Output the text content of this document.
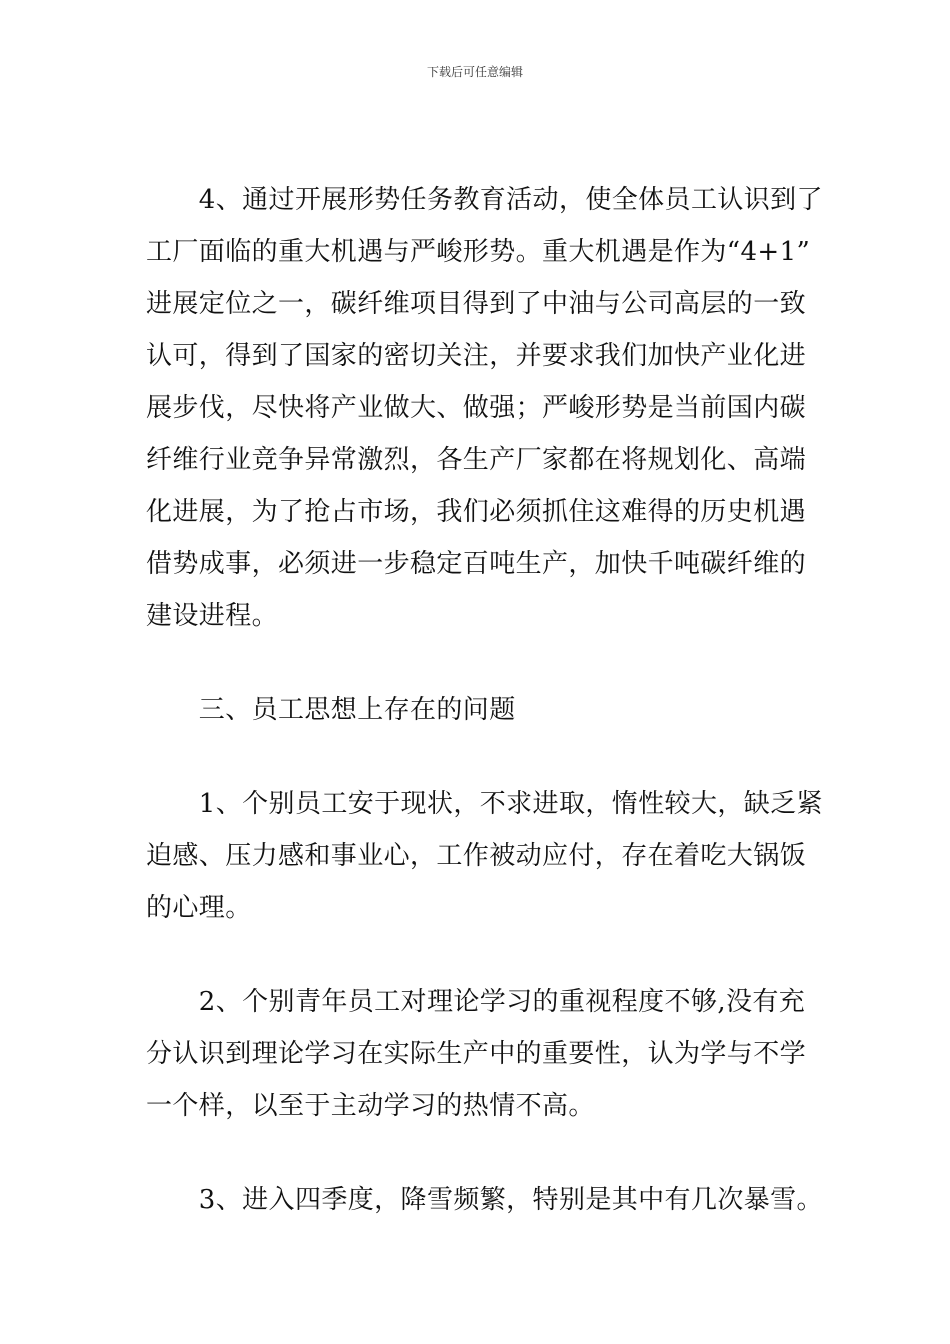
下载后可任意编辑
　　4、通过开展形势任务教育活动，使全体员工认识到了
工厂面临的重大机遇与严峻形势。重大机遇是作为“4+1”
进展定位之一，碳纤维项目得到了中油与公司高层的一致
认可，得到了国家的密切关注，并要求我们加快产业化进
展步伐，尽快将产业做大、做强；严峻形势是当前国内碳
纤维行业竞争异常激烈，各生产厂家都在将规划化、高端
化进展，为了抢占市场，我们必须抓住这难得的历史机遇
借势成事，必须进一步稳定百吨生产，加快千吨碳纤维的
建设进程。
　　三、员工思想上存在的问题
　　1、个别员工安于现状，不求进取，惰性较大，缺乏紧
迫感、压力感和事业心，工作被动应付，存在着吃大锅饭
的心理。
　　2、个别青年员工对理论学习的重视程度不够,没有充
分认识到理论学习在实际生产中的重要性，认为学与不学
一个样，以至于主动学习的热情不高。
　　3、进入四季度，降雪频繁，特别是其中有几次暴雪。
